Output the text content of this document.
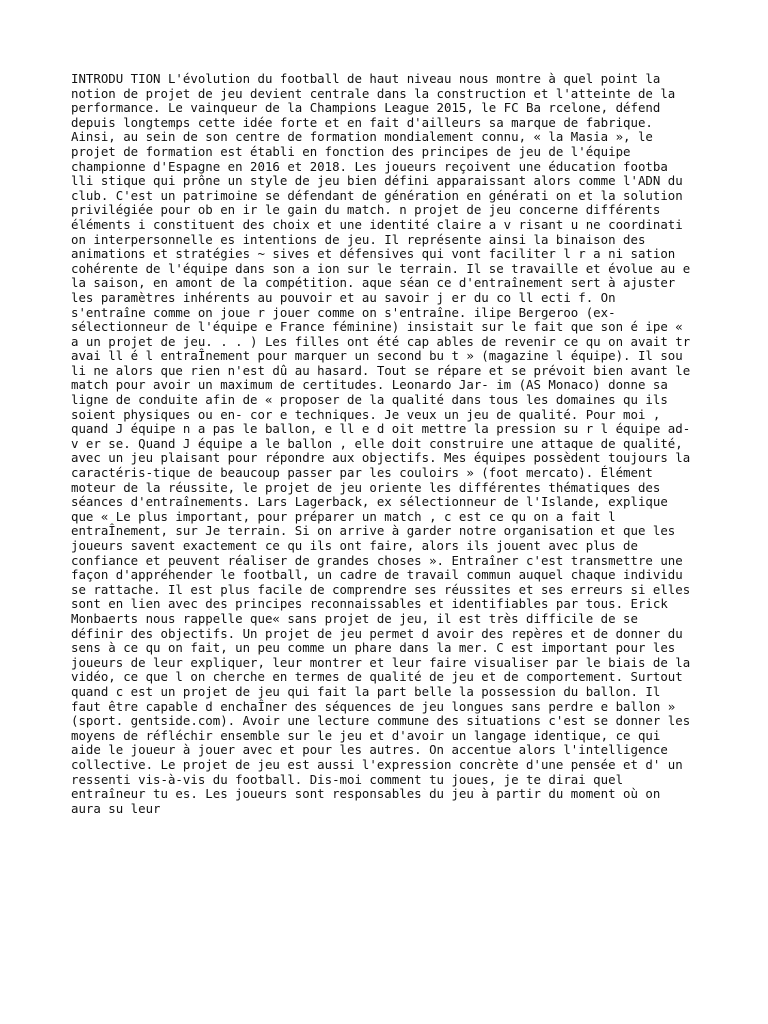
INTRODU TION L'évolution du football de haut niveau nous montre à quel point la
notion de projet de jeu devient centrale dans la construction et l'atteinte de la
performance. Le vainqueur de la Champions League 2015, le FC Ba rcelone, défend
depuis longtemps cette idée forte et en fait d'ailleurs sa marque de fabrique.
Ainsi, au sein de son centre de formation mondialement connu, « la Masia », le
projet de formation est établi en fonction des principes de jeu de l'équipe
championne d'Espagne en 2016 et 2018. Les joueurs reçoivent une éducation footba
lli stique qui prône un style de jeu bien défini apparaissant alors comme l'ADN du
club. C'est un patrimoine se défendant de génération en générati on et la solution
privilégiée pour ob en ir le gain du match. n projet de jeu concerne différents
éléments i constituent des choix et une identité claire a v risant u ne coordinati
on interpersonnelle es intentions de jeu. Il représente ainsi la binaison des
animations et stratégies ~ sives et défensives qui vont faciliter l r a ni sation
cohérente de l'équipe dans son a ion sur le terrain. Il se travaille et évolue au e
la saison, en amont de la compétition. aque séan ce d'entraînement sert à ajuster
les paramètres inhérents au pouvoir et au savoir j er du co ll ecti f. On
s'entraîne comme on joue r jouer comme on s'entraîne. ilipe Bergeroo (ex-
sélectionneur de l'équipe e France féminine) insistait sur le fait que son é ipe «
a un projet de jeu. . . ) Les filles ont été cap ables de revenir ce qu on avait tr
avai ll é l entraÎnement pour marquer un second bu t » (magazine l équipe). Il sou
li ne alors que rien n'est dû au hasard. Tout se répare et se prévoit bien avant le
match pour avoir un maximum de certitudes. Leonardo Jar- im (AS Monaco) donne sa
ligne de conduite afin de « proposer de la qualité dans tous les domaines qu ils
soient physiques ou en- cor e techniques. Je veux un jeu de qualité. Pour moi ,
quand J équipe n a pas le ballon, e ll e d oit mettre la pression su r l équipe ad-
v er se. Quand J équipe a le ballon , elle doit construire une attaque de qualité,
avec un jeu plaisant pour répondre aux objectifs. Mes équipes possèdent toujours la
caractéris-tique de beaucoup passer par les couloirs » (foot mercato). Élément
moteur de la réussite, le projet de jeu oriente les différentes thématiques des
séances d'entraînements. Lars Lagerback, ex sélectionneur de l'Islande, explique
que « Le plus important, pour préparer un match , c est ce qu on a fait l
entraÎnement, sur Je terrain. Si on arrive à garder notre organisation et que les
joueurs savent exactement ce qu ils ont faire, alors ils jouent avec plus de
confiance et peuvent réaliser de grandes choses ». Entraîner c'est transmettre une
façon d'appréhender le football, un cadre de travail commun auquel chaque individu
se rattache. Il est plus facile de comprendre ses réussites et ses erreurs si elles
sont en lien avec des principes reconnaissables et identifiables par tous. Erick
Monbaerts nous rappelle que« sans projet de jeu, il est très difficile de se
définir des objectifs. Un projet de jeu permet d avoir des repères et de donner du
sens à ce qu on fait, un peu comme un phare dans la mer. C est important pour les
joueurs de leur expliquer, leur montrer et leur faire visualiser par le biais de la
vidéo, ce que l on cherche en termes de qualité de jeu et de comportement. Surtout
quand c est un projet de jeu qui fait la part belle la possession du ballon. Il
faut être capable d enchaÎner des séquences de jeu longues sans perdre e ballon »
(sport. gentside.com). Avoir une lecture commune des situations c'est se donner les
moyens de réfléchir ensemble sur le jeu et d'avoir un langage identique, ce qui
aide le joueur à jouer avec et pour les autres. On accentue alors l'intelligence
collective. Le projet de jeu est aussi l'expression concrète d'une pensée et d' un
ressenti vis-à-vis du football. Dis-moi comment tu joues, je te dirai quel
entraîneur tu es. Les joueurs sont responsables du jeu à partir du moment où on
aura su leur
